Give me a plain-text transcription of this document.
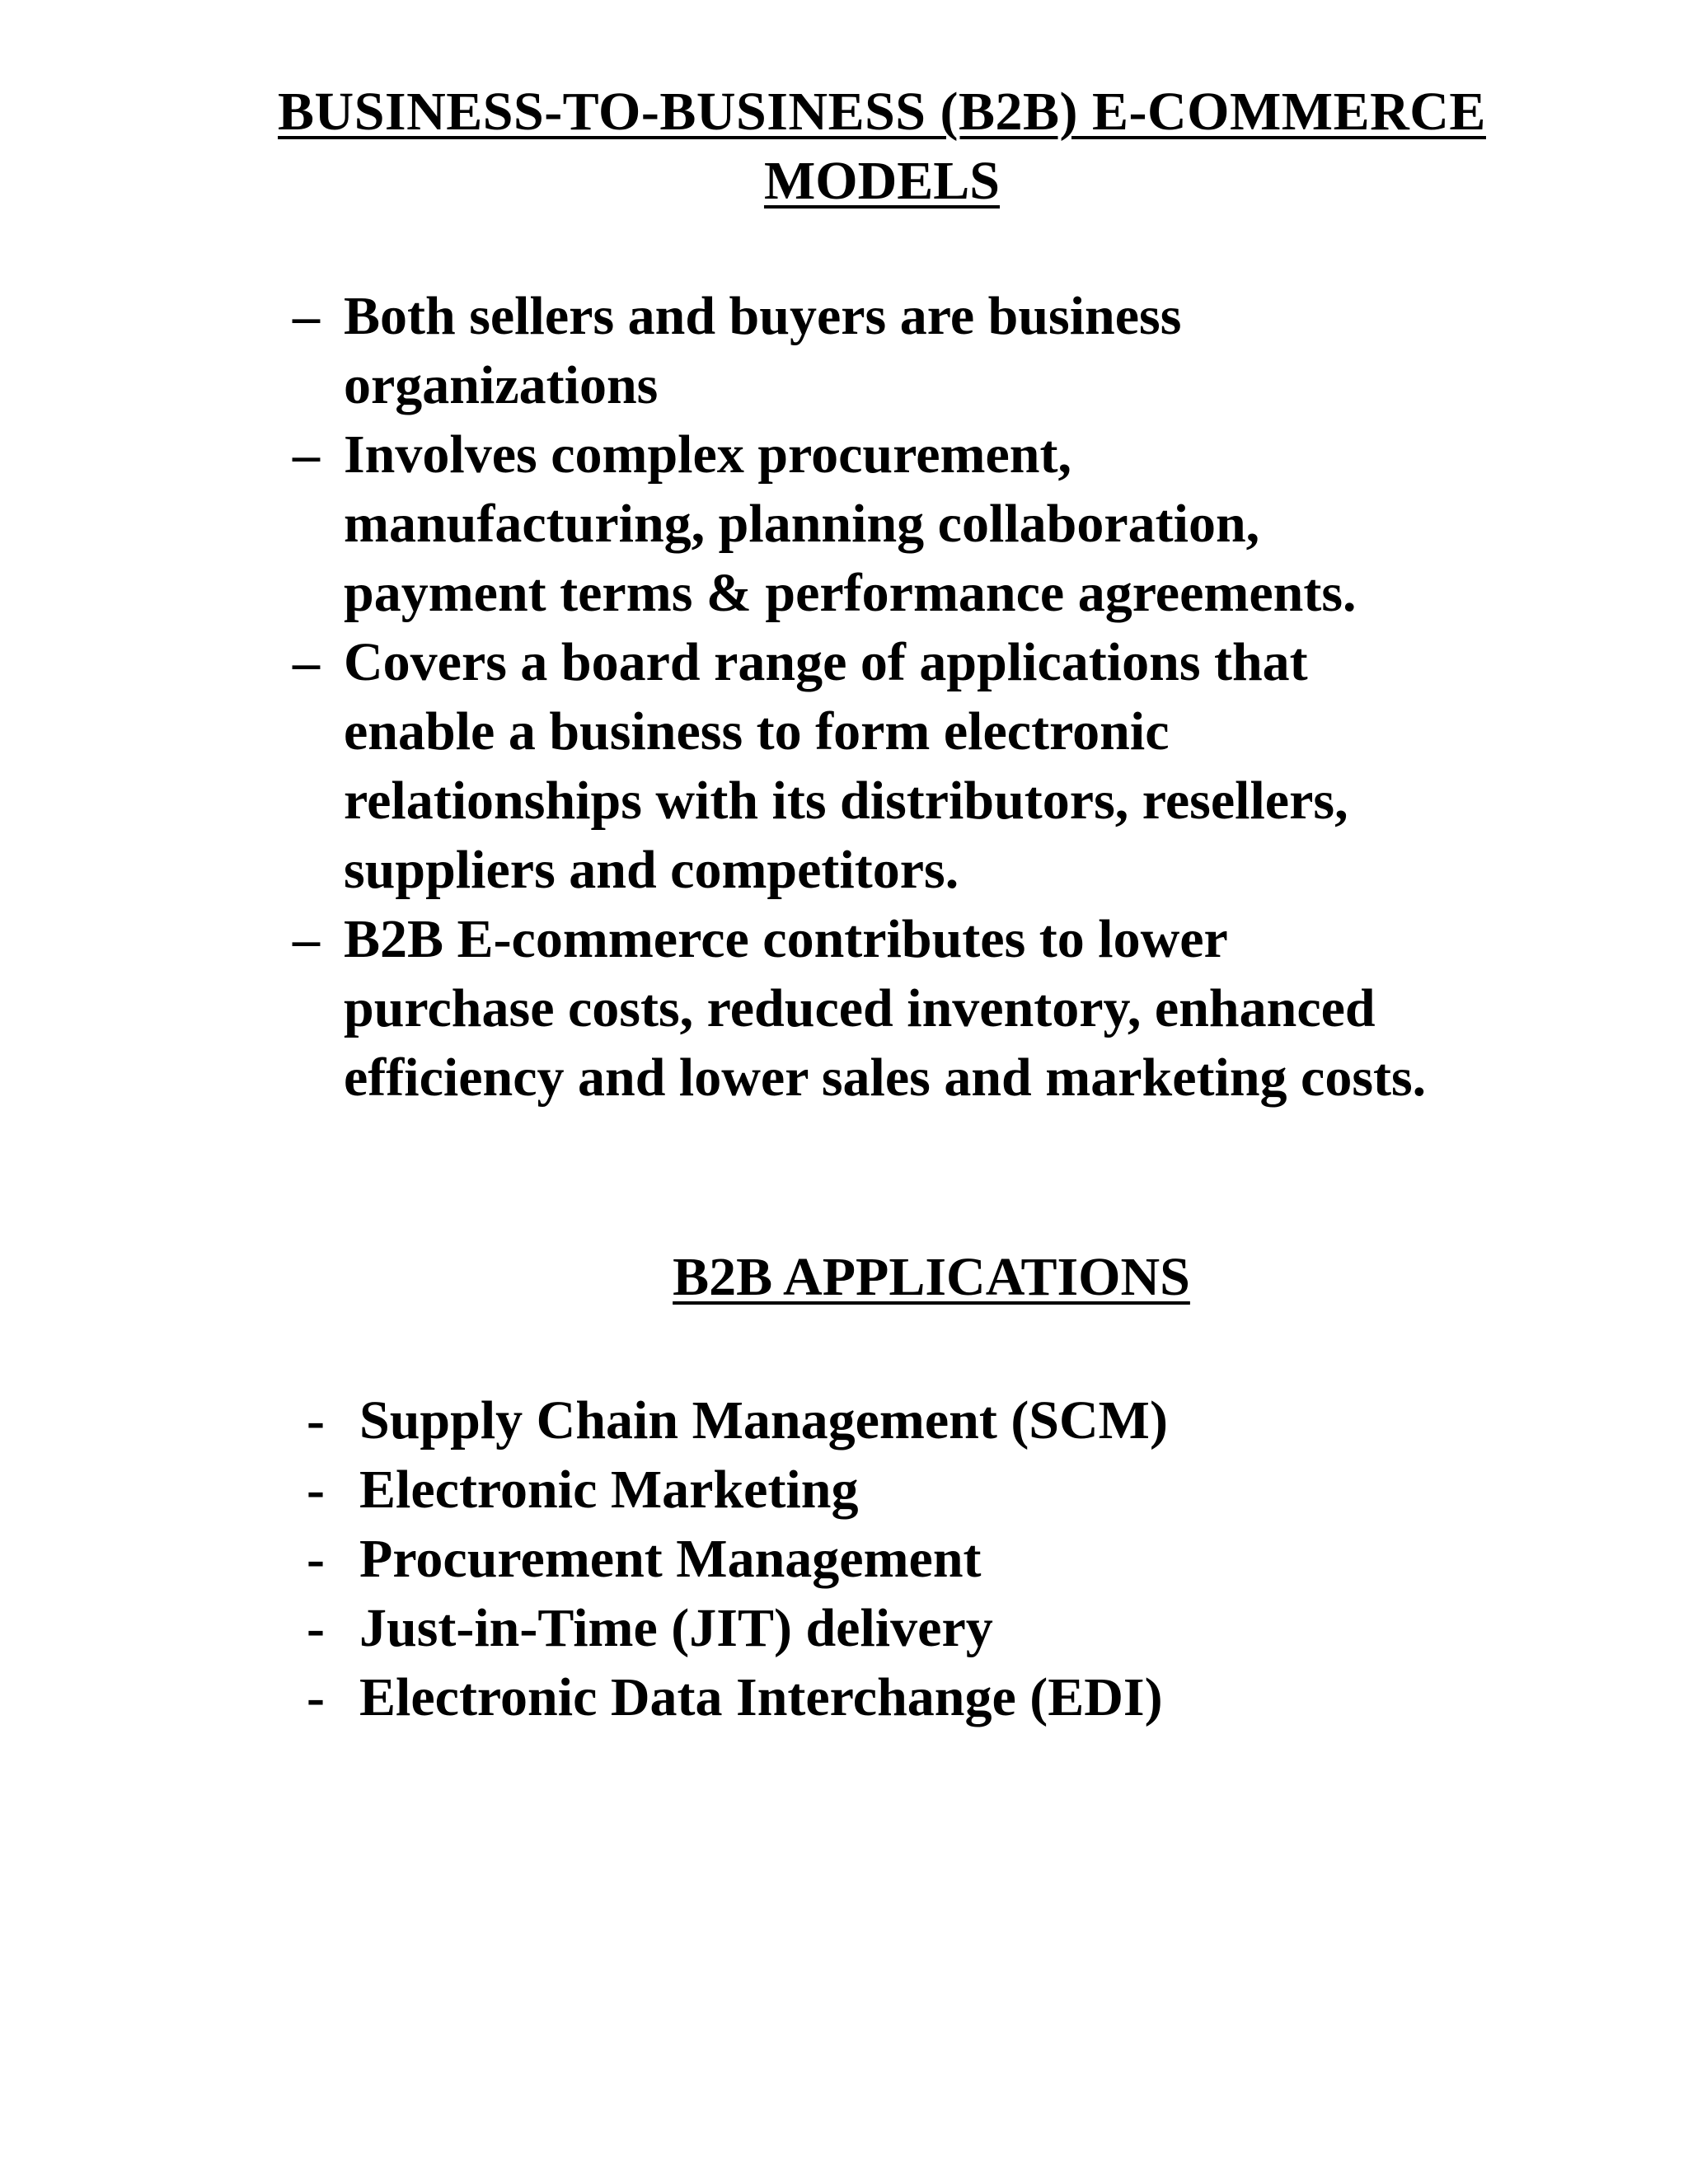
BUSINESS-TO-BUSINESS (B2B) E-COMMERCE
MODELS
– Both sellers and buyers are business
organizations
– Involves complex procurement,
manufacturing, planning collaboration,
payment terms & performance agreements.
– Covers a board range of applications that
enable a business to form electronic
relationships with its distributors, resellers,
suppliers and competitors.
– B2B E-commerce contributes to lower
purchase costs, reduced inventory, enhanced
efficiency and lower sales and marketing costs.
B2B APPLICATIONS
- Supply Chain Management (SCM)
- Electronic Marketing
- Procurement Management
- Just-in-Time (JIT) delivery
- Electronic Data Interchange (EDI)
